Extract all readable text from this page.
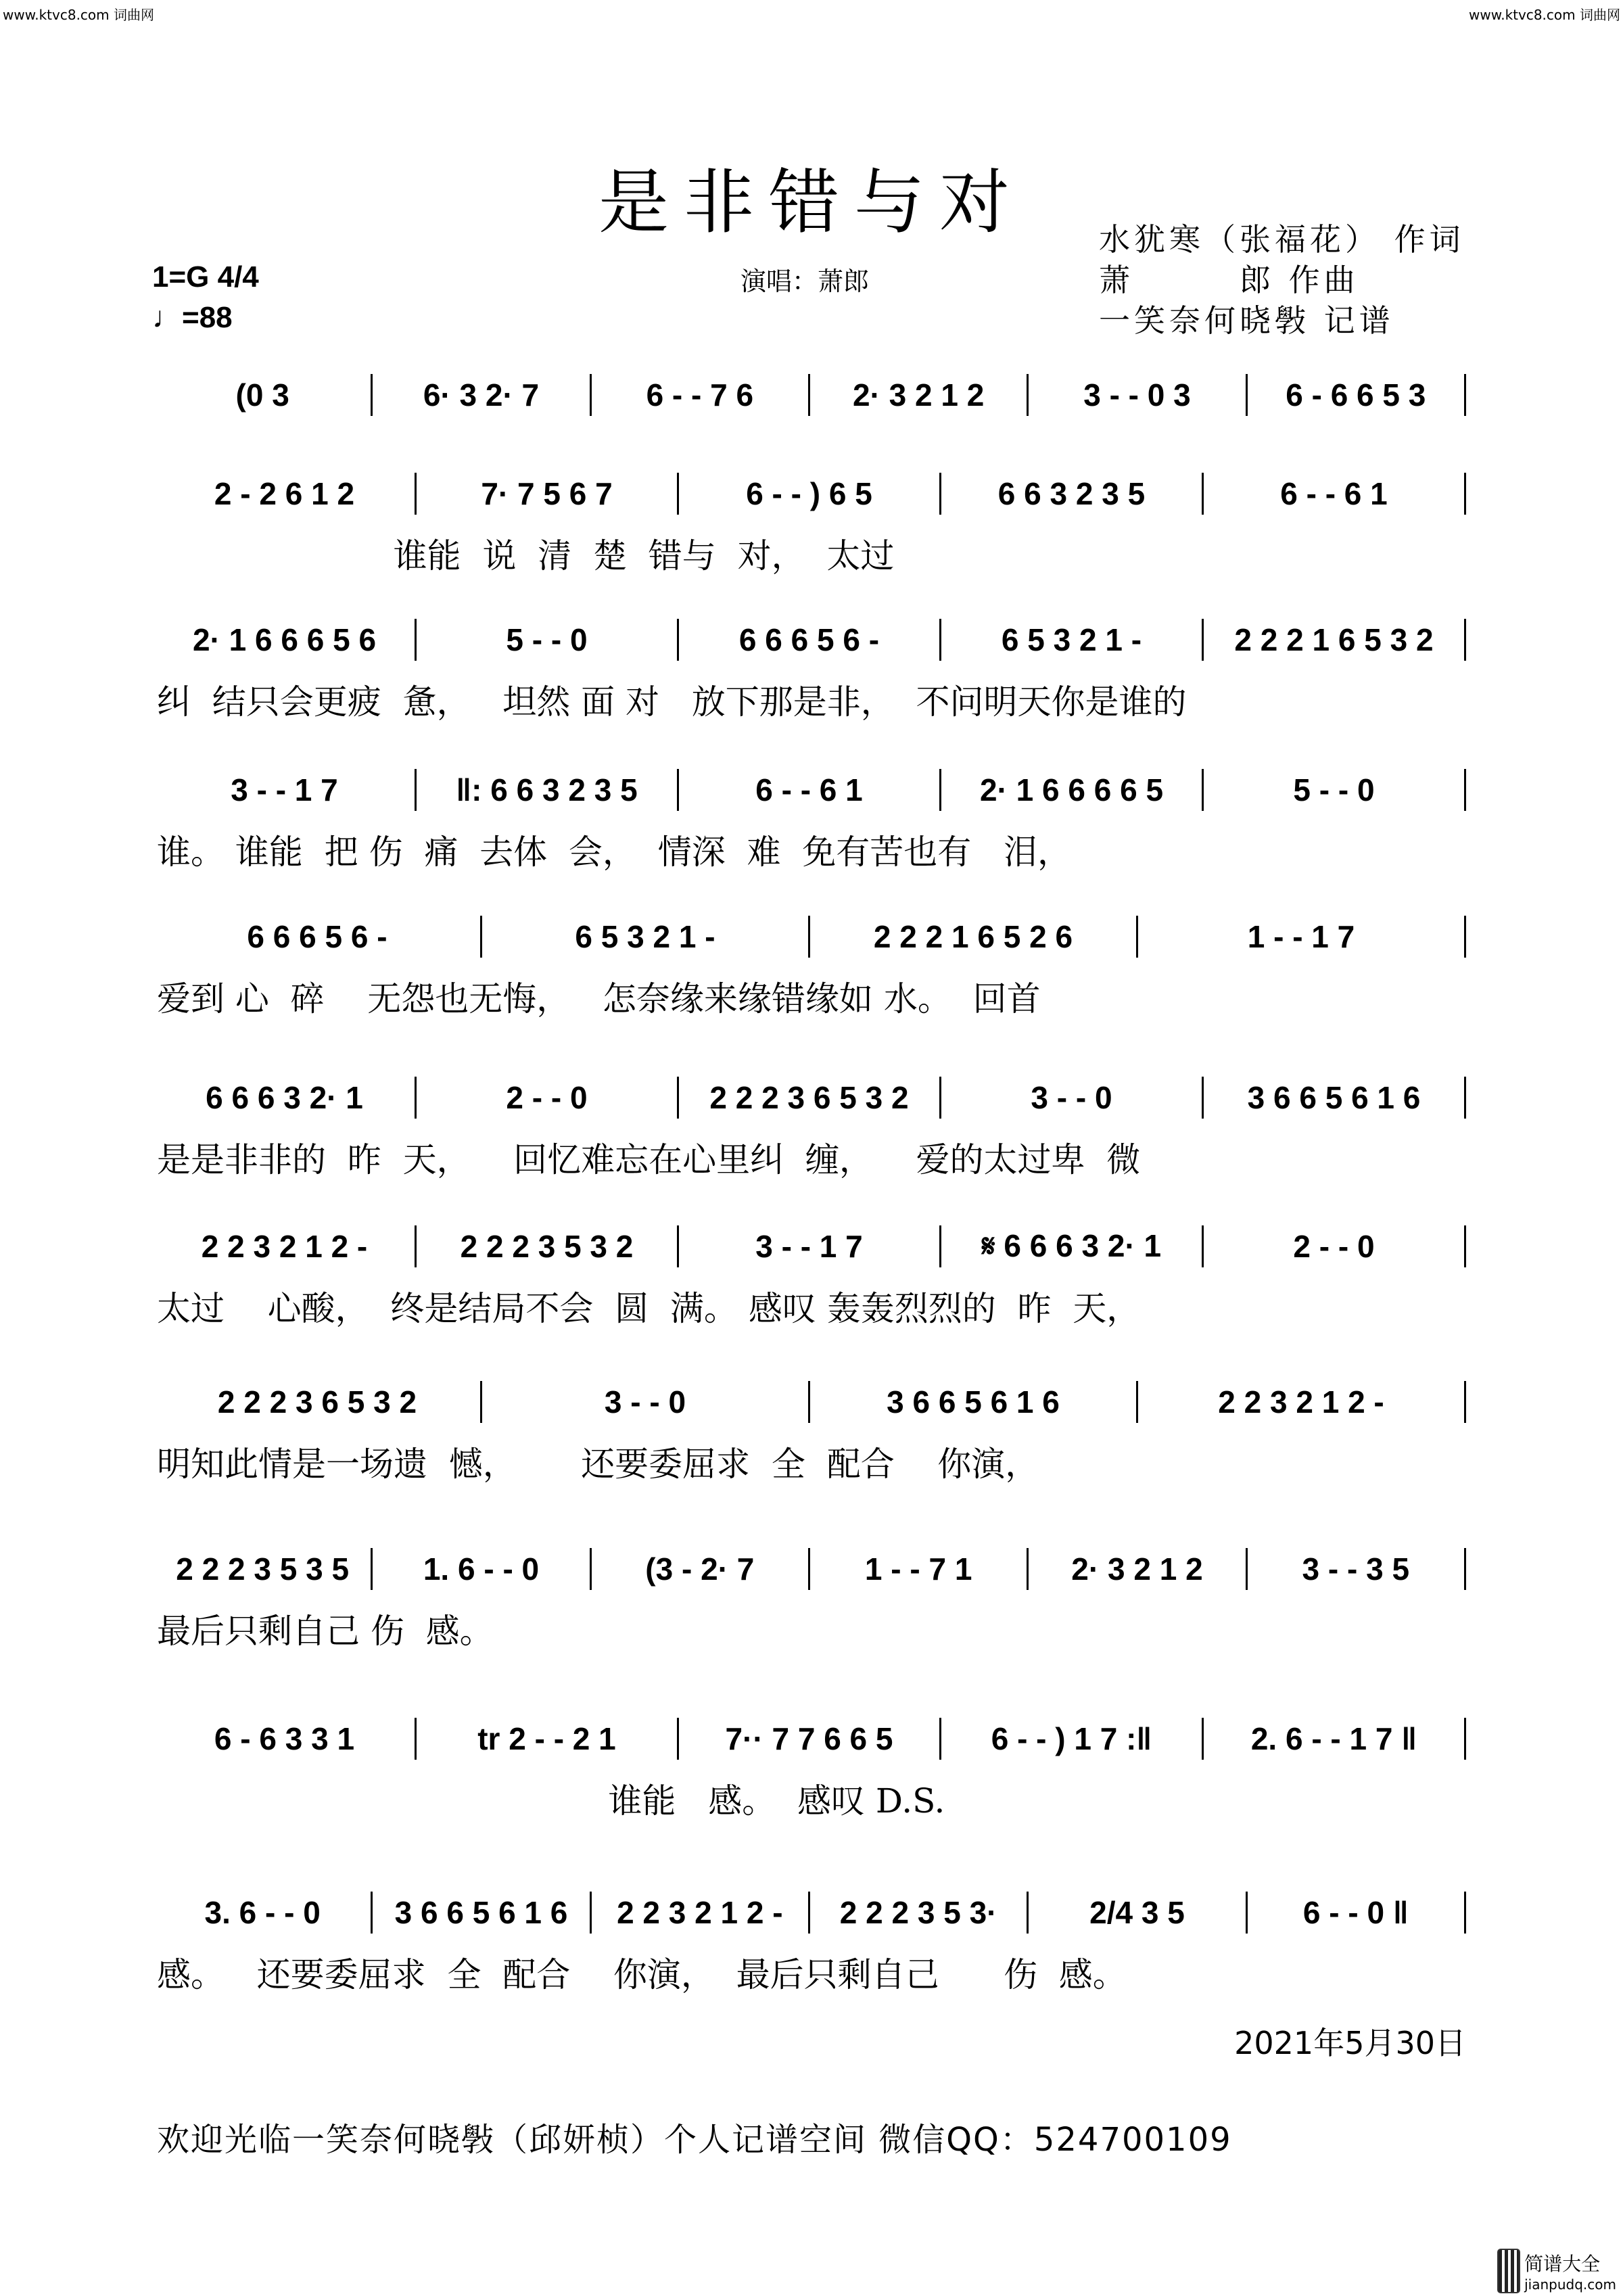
www.ktvc8.com 词曲网	www.ktvc8.com 词曲网
是非错与对	水犹寒（张福花） 作词
萧　　　郎 作曲
一笑奈何晓斅 记谱
1=G 4/4
♩=88
演唱：萧郎
(0 3	6· 3 2· 7	6 - - 7 6	2· 3 2 1 2	3 - - 0 3	6 - 6 6 5 3
2 - 2 6 1 2	7· 7 5 6 7	6 - - ) 6 5	6 6 3 2 3 5	6 - - 6 1
谁能  说  清  楚  错与  对，  太过
2· 1 6 6 6 5 6	5 - - 0	6 6 6 5 6 -	6 5 3 2 1 -	2 2 2 1 6 5 3 2
纠  结只会更疲  惫，   坦然 面 对   放下那是非，  不问明天你是谁的
3 - - 1 7	‖: 6 6 3 2 3 5	6 - - 6 1	2· 1 6 6 6 6 5	5 - - 0
谁。 谁能  把 伤  痛  去体  会，  情深  难  免有苦也有   泪，
6 6 6 5 6 -	6 5 3 2 1 -	2 2 2 1 6 5 2 6	1 - - 1 7
爱到 心  碎    无怨也无悔，   怎奈缘来缘错缘如 水。  回首
6 6 6 3 2· 1	2 - - 0	2 2 2 3 6 5 3 2	3 - - 0	3 6 6 5 6 1 6
是是非非的  昨  天，    回忆难忘在心里纠  缠，    爱的太过卑  微
2 2 3 2 1 2 -	2 2 2 3 5 3 2	3 - - 1 7	𝄋 6 6 6 3 2· 1	2 - - 0
太过    心酸，  终是结局不会  圆  满。 感叹 轰轰烈烈的  昨  天，
2 2 2 3 6 5 3 2	3 - - 0	3 6 6 5 6 1 6	2 2 3 2 1 2 -
明知此情是一场遗  憾，      还要委屈求  全  配合    你演，
2 2 2 3 5 3 5	1. 6 - - 0	(3 - 2· 7	1 - - 7 1	2· 3 2 1 2	3 - - 3 5
最后只剩自己 伤  感。
6 - 6 3 3 1	tr 2 - - 2 1	7·· 7 7 6 6 5	6 - - ) 1 7 :‖	2. 6 - - 1 7 ‖
谁能   感。  感叹 D.S.
3. 6 - - 0	3 6 6 5 6 1 6	2 2 3 2 1 2 -	2 2 2 3 5 3·	2/4 3 5	6 - - 0 ‖
感。   还要委屈求  全  配合    你演，  最后只剩自己      伤  感。
2021年5月30日
欢迎光临一笑奈何晓斅（邱妍桢）个人记谱空间 微信QQ：524700109
简谱大全
jianpudq.com
